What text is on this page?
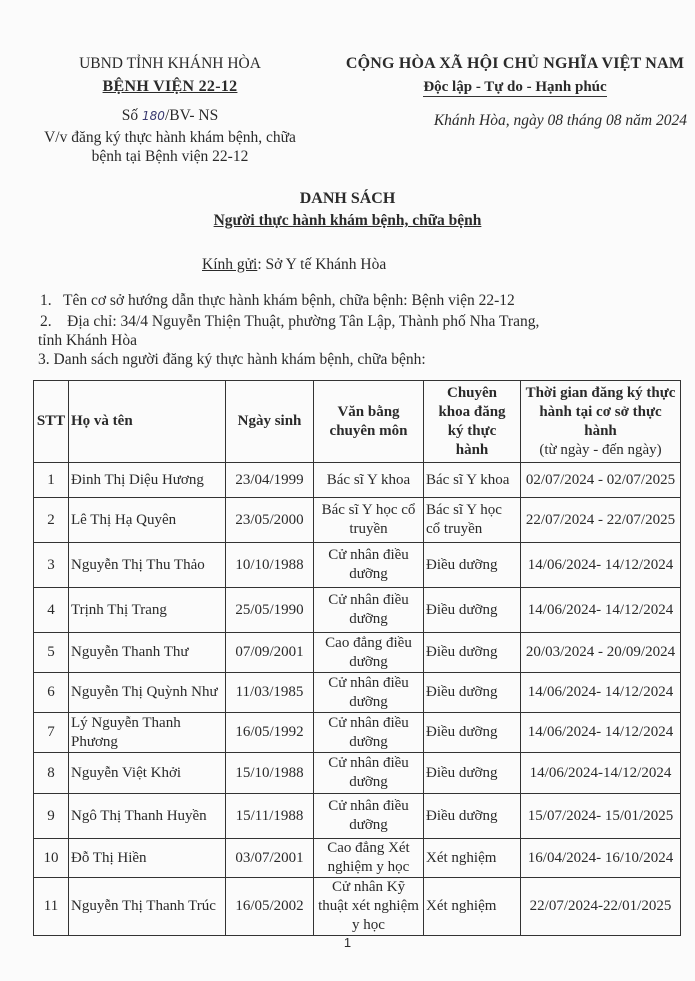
UBND TỈNH KHÁNH HÒA
BỆNH VIỆN 22-12
Số 180/BV- NS
V/v đăng ký thực hành khám bệnh, chữa
bệnh tại Bệnh viện 22-12
CỘNG HÒA XÃ HỘI CHỦ NGHĨA VIỆT NAM
Độc lập - Tự do - Hạnh phúc
Khánh Hòa, ngày 08 tháng 08 năm 2024
DANH SÁCH
Người thực hành khám bệnh, chữa bệnh
Kính gửi: Sở Y tế Khánh Hòa
1.   Tên cơ sở hướng dẫn thực hành khám bệnh, chữa bệnh: Bệnh viện 22-12
2.    Địa chỉ: 34/4 Nguyễn Thiện Thuật, phường Tân Lập, Thành phố Nha Trang,
tỉnh Khánh Hòa
3. Danh sách người đăng ký thực hành khám bệnh, chữa bệnh:
STT	Họ và tên	Ngày sinh	Văn bằng chuyên môn	Chuyên khoa đăng ký thực hành	Thời gian đăng ký thực hành tại cơ sở thực hành
(từ ngày - đến ngày)

1	Đinh Thị Diệu Hương	23/04/1999	Bác sĩ Y khoa	Bác sĩ Y khoa	02/07/2024 - 02/07/2025
2	Lê Thị Hạ Quyên	23/05/2000	Bác sĩ Y học cổ truyền	Bác sĩ Y học cổ truyền	22/07/2024 - 22/07/2025
3	Nguyễn Thị Thu Thảo	10/10/1988	Cử nhân điều dưỡng	Điều dưỡng	14/06/2024- 14/12/2024
4	Trịnh Thị Trang	25/05/1990	Cử nhân điều dưỡng	Điều dưỡng	14/06/2024- 14/12/2024
5	Nguyễn Thanh Thư	07/09/2001	Cao đẳng điều dưỡng	Điều dưỡng	20/03/2024 - 20/09/2024
6	Nguyễn Thị Quỳnh Như	11/03/1985	Cử nhân điều dưỡng	Điều dưỡng	14/06/2024- 14/12/2024
7	Lý Nguyễn Thanh Phương	16/05/1992	Cử nhân điều dưỡng	Điều dưỡng	14/06/2024- 14/12/2024
8	Nguyễn Việt Khởi	15/10/1988	Cử nhân điều dưỡng	Điều dưỡng	14/06/2024-14/12/2024
9	Ngô Thị Thanh Huyền	15/11/1988	Cử nhân điều dưỡng	Điều dưỡng	15/07/2024- 15/01/2025
10	Đỗ Thị Hiền	03/07/2001	Cao đẳng Xét nghiệm y học	Xét nghiệm	16/04/2024- 16/10/2024
11	Nguyễn Thị Thanh Trúc	16/05/2002	Cử nhân Kỹ thuật xét nghiệm y học	Xét nghiệm	22/07/2024-22/01/2025
1
